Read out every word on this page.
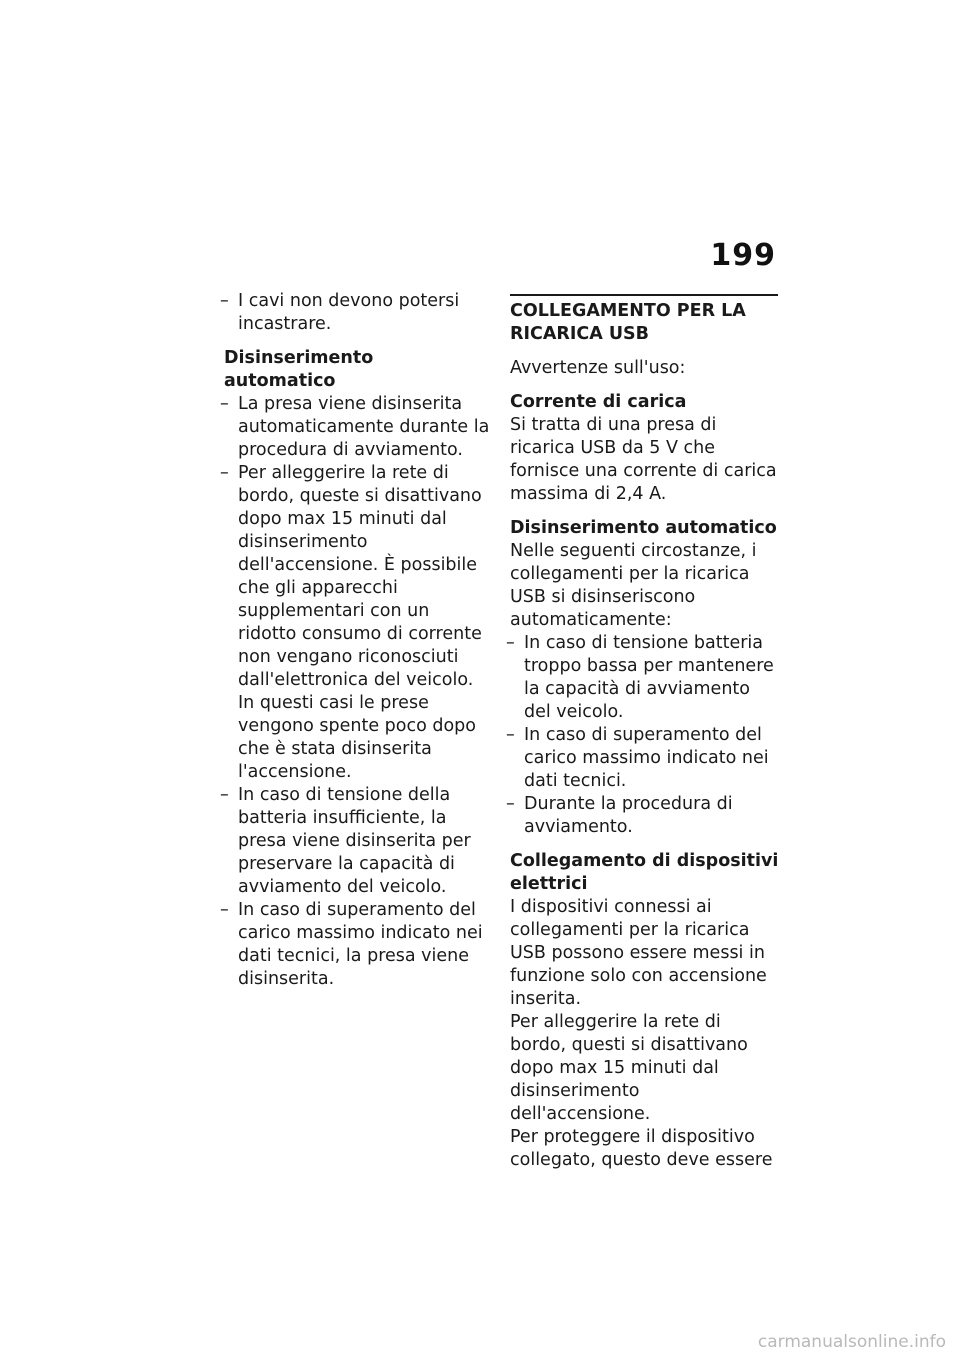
199

– I cavi non devono potersi incastrare.

Disinserimento automatico

– La presa viene disinserita automaticamente durante la procedura di avviamento.

– Per alleggerire la rete di bordo, queste si disattivano dopo max 15 minuti dal disinserimento dell'accensione. È possibile che gli apparecchi supplementari con un ridotto consumo di corrente non vengano riconosciuti dall'elettronica del veicolo. In questi casi le prese vengono spente poco dopo che è stata disinserita l'accensione.

– In caso di tensione della batteria insufficiente, la presa viene disinserita per preservare la capacità di avviamento del veicolo.

– In caso di superamento del carico massimo indicato nei dati tecnici, la presa viene disinserita.

COLLEGAMENTO PER LA RICARICA USB

Avvertenze sull'uso:

Corrente di carica

Si tratta di una presa di ricarica USB da 5 V che fornisce una corrente di carica massima di 2,4 A.

Disinserimento automatico

Nelle seguenti circostanze, i collegamenti per la ricarica USB si disinseriscono automaticamente:

– In caso di tensione batteria troppo bassa per mantenere la capacità di avviamento del veicolo.

– In caso di superamento del carico massimo indicato nei dati tecnici.

– Durante la procedura di avviamento.

Collegamento di dispositivi elettrici

I dispositivi connessi ai collegamenti per la ricarica USB possono essere messi in funzione solo con accensione inserita.

Per alleggerire la rete di bordo, questi si disattivano dopo max 15 minuti dal disinserimento dell'accensione.

Per proteggere il dispositivo collegato, questo deve essere

carmanualsonline.info
